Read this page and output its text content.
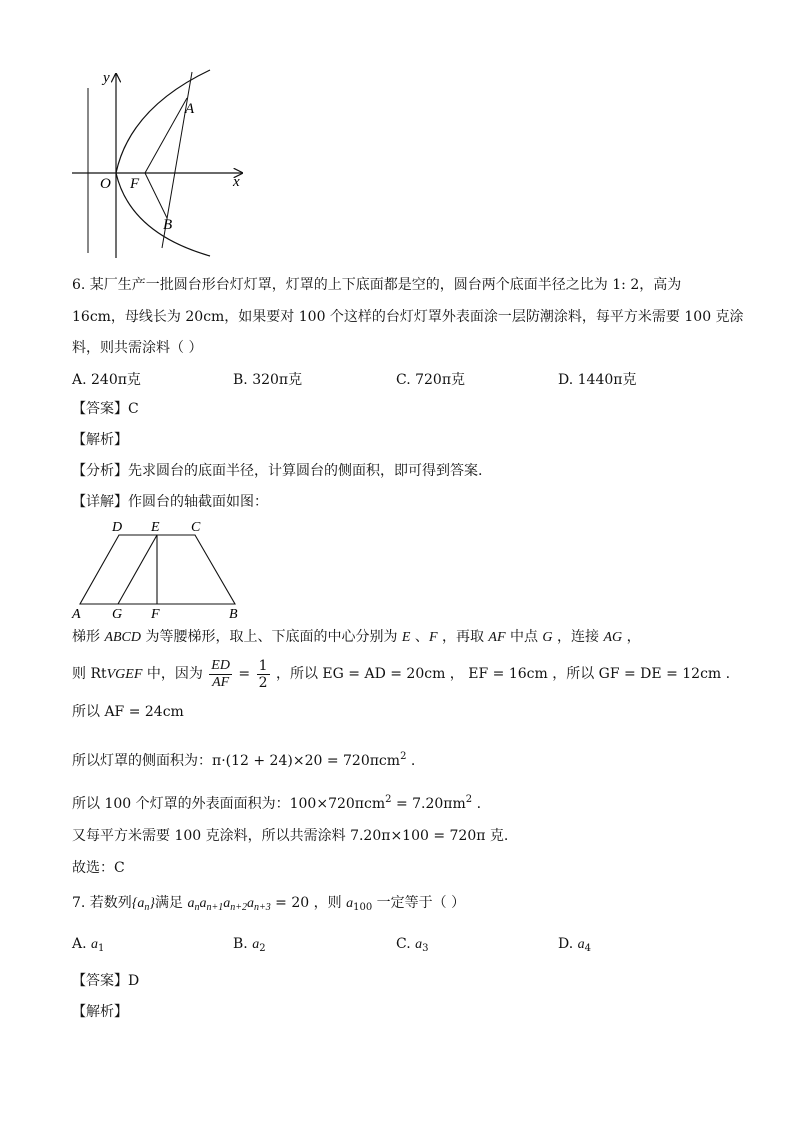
y
x
O F
A
B
6. 某厂生产一批圆台形台灯灯罩，灯罩的上下底面都是空的，圆台两个底面半径之比为 1: 2，高为
16cm，母线长为 20cm，如果要对 100 个这样的台灯灯罩外表面涂一层防潮涂料，每平方米需要 100 克涂
料，则共需涂料（ ）
A. 240π克	B. 320π克	C. 720π克	D. 1440π克
【答案】C
【解析】
【分析】先求圆台的底面半径，计算圆台的侧面积，即可得到答案.
【详解】作圆台的轴截面如图：
D E C
A G F	B
梯形 ABCD 为等腰梯形，取上、下底面的中心分别为 E 、F ，再取 AF 中点 G ，连接 AG ，
则 RtVGEF 中，因为 $\frac{ED}{AF} = \frac{1}{2}$ ，所以 EG = AD = 20cm ， EF = 16cm ，所以 GF = DE = 12cm .
所以 AF = 24cm
所以灯罩的侧面积为：π·(12 + 24)×20 = 720πcm$^2$ .
所以 100 个灯罩的外表面面积为：$100\times 720\pi cm^2 = 7.20\pi m^2$ .
又每平方米需要 100 克涂料，所以共需涂料 7.20π×100 = 720π 克.
故选：C
7. 若数列$\{a_n\}$满足 $a_na_{n+1}a_{n+2}a_{n+3} = 20$ ，则 $a_{100}$ 一定等于（ ）
A. $a_1$	B. $a_2$	C. $a_3$	D. $a_4$
【答案】D
【解析】
